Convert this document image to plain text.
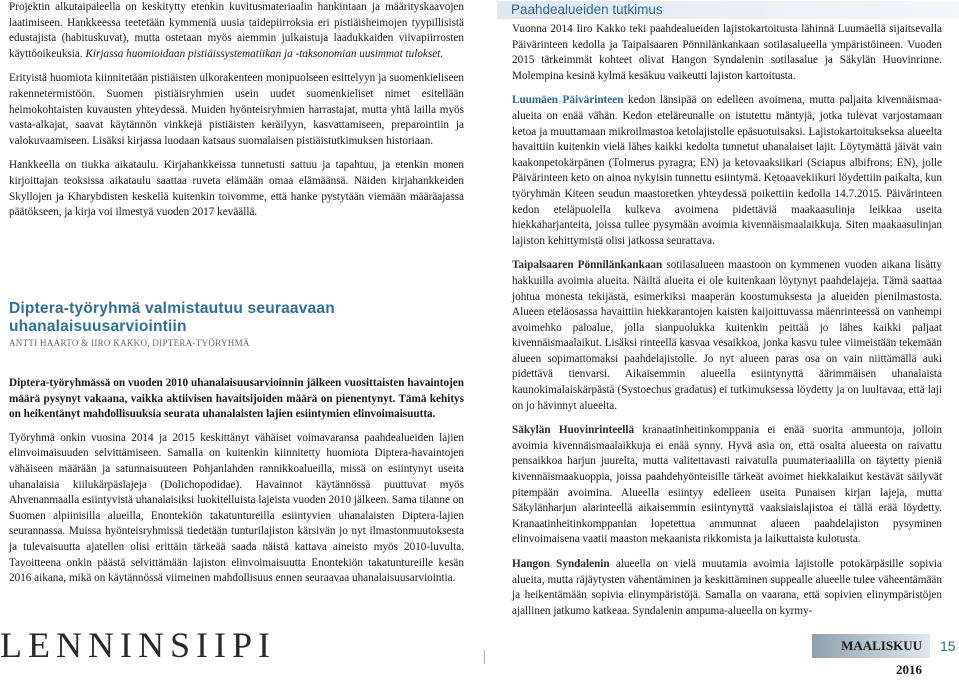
Projektin alkutaipaleella on keskitytty etenkin kuvitusmateriaalin hankintaan ja määrityskaavojen laatimiseen. Hankkeessa teetetään kymmeniä uusia taidepiirroksia eri pistiäisheimojen tyypillisistä edustajista (habituskuvat), mutta ostetaan myös aiemmin julkaistuja laadukkaiden viivapiirrosten käyttöoikeuksia. Kirjassa huomioidaan pistiäissystematiikan ja -taksonomian uusimmat tulokset.

Erityistä huomiota kiinnitetään pistiäisten ulkorakenteen monipuolseen esittelyyn ja suomenkieliseen rakennetermistöön. Suomen pistiäisryhmien usein uudet suomenkieliset nimet esitellään heimokohtaisten kuvausten yhteydessä. Muiden hyönteisryhmien harrastajat, mutta yhtä lailla myös vasta-alkajat, saavat käytännön vinkkejä pistiäisten keräilyyn, kasvattamiseen, preparointiin ja valokuvaamiseen. Lisäksi kirjassa luodaan katsaus suomalaisen pistiäistutkimuksen historiaan.

Hankkeella on tiukka aikataulu. Kirjahankkeissa tunnetusti sattuu ja tapahtuu, ja etenkin monen kirjoittajan teoksissa aikataulu saattaa ruveta elämään omaa elämäänsä. Näiden kirjahankkeiden Skyllojen ja Kharybdisten keskellä kuitenkin toivomme, että hanke pystytään viemään määräajassa päätökseen, ja kirja voi ilmestyä vuoden 2017 keväällä.

Diptera-työryhmä valmistautuu seuraavaan uhanalaisuusarviointiin
ANTTI HAARTO & IIRO KAKKO, DIPTERA-TYÖRYHMÄ

Diptera-työryhmässä on vuoden 2010 uhanalaisuusarvioinnin jälkeen vuosittaisten havaintojen määrä pysynyt vakaana, vaikka aktiivisen havaitsijoiden määrä on pienentynyt. Tämä kehitys on heikentänyt mahdollisuuksia seurata uhanalaisten lajien esiintymien elinvoimaisuutta.

Työryhmä onkin vuosina 2014 ja 2015 keskittänyt vähäiset voimavaransa paahdealueiden lajien elinvoimaisuuden selvittämiseen. Samalla on kuitenkin kiinnitetty huomiota Diptera-havaintojen vähäiseen määrään ja satunnaisuuteen Pohjanlahden rannikkoalueilla, missä on esiintynyt useita uhanalaisia kiilukärpäslajeja (Dolichopodidae). Havainnot käytännössä puuttuvat myös Ahvenanmaalla esiintyvistä uhanalaisiksi luokitelluista lajeista vuoden 2010 jälkeen. Sama tilanne on Suomen alpiinisilla alueilla, Enontekiön takatuntureilla esiintyvien uhanalaisten Diptera-lajien seurannassa. Muissa hyönteisryhmissä tiedetään tunturilajiston kärsivän jo nyt ilmastonmuutoksesta ja tulevaisuutta ajatellen olisi erittäin tärkeää saada näistä kattava aineisto myös 2010-luvulta. Tavoitteena onkin päästä selvittämään lajiston elinvoimaisuutta Enontekiön takatuntureille kesän 2016 aikana, mikä on käytännössä viimeinen mahdollisuus ennen seuraavaa uhanalaisuusarviointia.

Paahdealueiden tutkimus

Vuonna 2014 Iiro Kakko teki paahdealueiden lajistokartoitusta lähinnä Luumäellä sijaitsevalla Päivärinteen kedolla ja Taipalsaaren Pönnilänkankaan sotilasalueella ympäristöineen. Vuoden 2015 tärkeimmät kohteet olivat Hangon Syndalenin sotilasalue ja Säkylän Huovinrinne. Molempina kesinä kylmä kesäkuu vaikeutti lajiston kartoitusta.

Luumäen Päivärinteen kedon länsipää on edelleen avoimena, mutta paljaita kivennäismaa-alueita on enää vähän. Kedon eteläreunalle on istutettu mäntyjä, jotka tulevat varjostamaan ketoa ja muuttamaan mikroilmastoa ketolajistolle epäsuotuisaksi. Lajistokartoitukseksa alueelta havaittiin kuitenkin vielä lähes kaikki kedolta tunnetut uhanalaiset lajit. Löytymättä jäivät vain kaakonpetokärpänen (Tolmerus pyragra; EN) ja ketovaaksiikari (Sciapus albifrons; EN), jolle Päivärinteen keto on ainoa nykyisin tunnettu esiintymä. Ketoaavekiikuri löydettiin paikalta, kun työryhmän Kiteen seudun maastoretken yhteydessä poikettiin kedolla 14.7.2015. Päivärinteen kedon eteläpuolella kulkeva avoimena pidettäviä maakaasulinja leikkaa useita hiekkaharjanteita, joissa tullee pysymään avoimia kivennäismaalaikkuja. Siten maakaasulinjan lajiston kehittymistä olisi jatkossa seurattava.

Taipalsaaren Pönnilänkankaan sotilasalueen maastoon on kymmenen vuoden aikana lisätty hakkuilla avoimia alueita. Näiltä alueita ei ole kuitenkaan löytynyt paahdelajeja. Tämä saattaa johtua monesta tekijästä, esimerkiksi maaperän koostumuksesta ja alueiden pienilmastosta. Alueen eteläosassa havaittiin hiekkarantojen kaisten kaijoittuvassa mäenrinteessä on vanhempi avoimehko paloalue, jolla sianpuolukka kuitenkin peittää jo lähes kaikki paljaat kivennäismaalaikut. Lisäksi rinteellä kasvaa vesaikkoa, jonka kasvu tulee viimeistään tekemään alueen sopimattomaksi paahdelajistolle. Jo nyt alueen paras osa on vain niittämällä auki pidettävä tienvarsi. Aikaisemmin alueella esiintynyttä äärimmäisen uhanalaista kaunokimalaiskärpästä (Systoechus gradatus) ei tutkimuksessa löydetty ja on luultavaa, että laji on jo hävinnyt alueelta.

Säkylän Huovinrinteellä kranaatinheitinkomppania ei enää suorita ammuntoja, jolloin avoimia kivennäismaalaikkuja ei enää synny. Hyvä asia on, että osalta alueesta on raivattu pensaikkoa harjun juurelta, mutta valitettavasti raivatulla puumateriaalilla on täytetty pieniä kivennäismaakuoppia, joissa paahdehyönteisille tärkeät avoimet hiekkalaikut kestävät säilyvät pitempään avoimina. Alueella esiintyy edelleen useita Punaisen kirjan lajeja, mutta Säkylänharjun alarinteellä aikaisemmin esiintynyttä vaaksiaislajistoa ei tällä erää löydetty. Kranaatinheitinkomppanian lopetettua ammunnat alueen paahdelajiston pysyminen elinvoimaisena vaatii maaston mekaanista rikkomista ja laikuttaista kulotusta.

Hangon Syndalenin alueella on vielä muutamia avoimia lajistolle potokärpäsille sopivia alueita, mutta räjäytysten vähentäminen ja keskittäminen suppealle alueelle tulee väheentämään ja heikentämään sopivia elinympäristöjä. Samalla on vaarana, että sopivien elinympäristöjen ajallinen jatkumo katkeaa. Syndalenin ampuma-alueella on kyrmy-

LENNINSIIPI	MAALISKUU 2016
15
